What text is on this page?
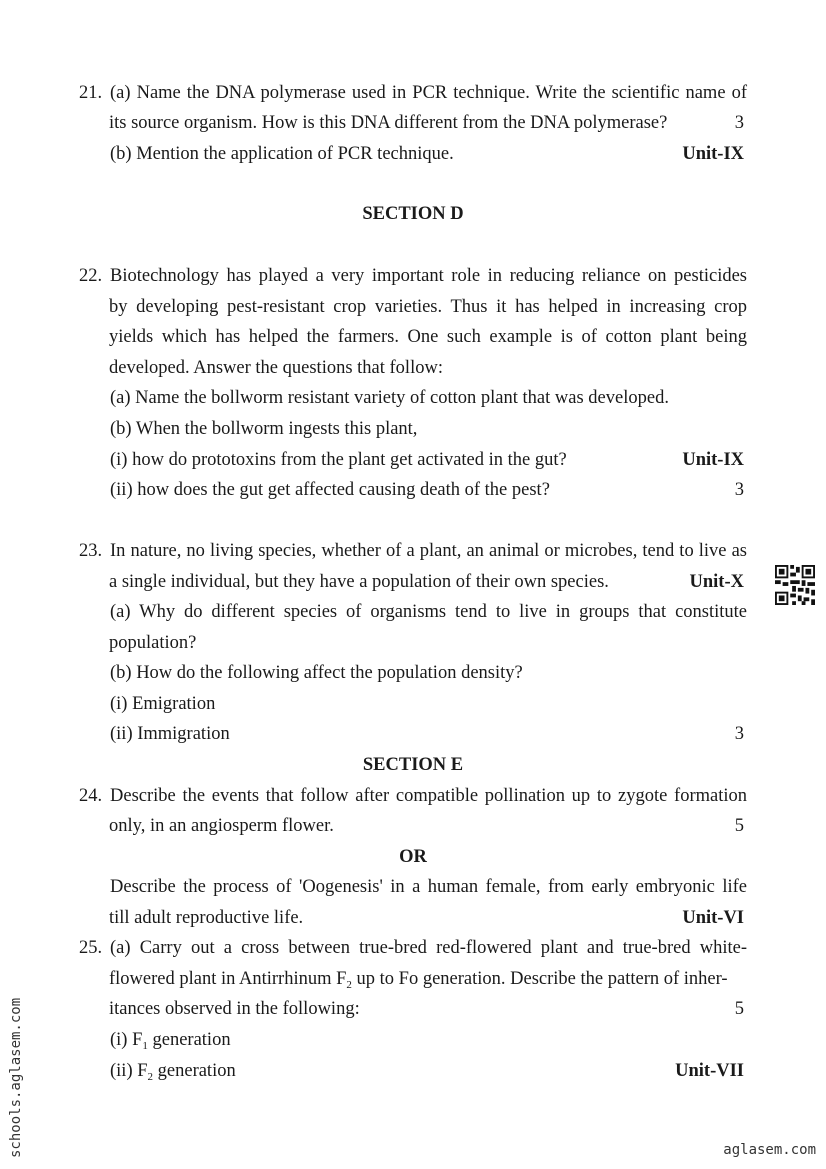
21. (a) Name the DNA polymerase used in PCR technique. Write the scientific name of
its source organism. How is this DNA different from the DNA polymerase?	3
(b) Mention the application of PCR technique.	Unit-IX
SECTION D
22. Biotechnology has played a very important role in reducing reliance on pesticides
by developing pest-resistant crop varieties. Thus it has helped in increasing crop
yields which has helped the farmers. One such example is of cotton plant being
developed. Answer the questions that follow:
(a) Name the bollworm resistant variety of cotton plant that was developed.
(b) When the bollworm ingests this plant,
(i) how do prototoxins from the plant get activated in the gut?	Unit-IX
(ii) how does the gut get affected causing death of the pest?	3
23. In nature, no living species, whether of a plant, an animal or microbes, tend to live as
a single individual, but they have a population of their own species.	Unit-X
(a) Why do different species of organisms tend to live in groups that constitute
population?
(b) How do the following affect the population density?
(i) Emigration
(ii) Immigration	3
SECTION E
24. Describe the events that follow after compatible pollination up to zygote formation
only, in an angiosperm flower.	5
OR
Describe the process of 'Oogenesis' in a human female, from early embryonic life
till adult reproductive life.	Unit-VI
25. (a) Carry out a cross between true-bred red-flowered plant and true-bred white-
flowered plant in Antirrhinum $F_2$ up to Fo generation. Describe the pattern of inher-
itances observed in the following:	5
(i) $F_1$ generation
(ii) $F_2$ generation	Unit-VII
schools.aglasem.com	aglasem.com
